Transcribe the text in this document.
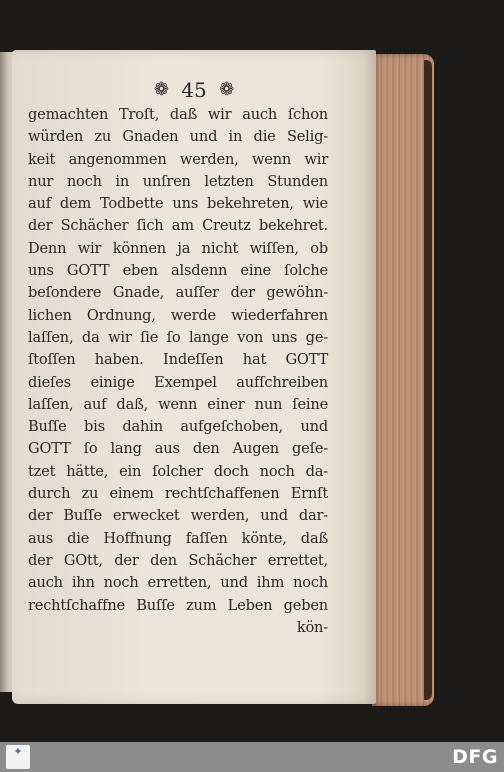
❁ 45 ❁
gemachten Troſt, daß wir auch ſchon
würden zu Gnaden und in die Selig-
keit angenommen werden, wenn wir
nur noch in unſren letzten Stunden
auf dem Todbette uns bekehreten, wie
der Schächer ſich am Creutz bekehret.
Denn wir können ja nicht wiſſen, ob
uns GOTT eben alsdenn eine ſolche
beſondere Gnade, auſſer der gewöhn-
lichen Ordnung, werde wiederfahren
laſſen, da wir ſie ſo lange von uns ge-
ſtoſſen haben. Indeſſen hat GOTT
dieſes einige Exempel aufſchreiben
laſſen, auf daß, wenn einer nun ſeine
Buſſe bis dahin aufgeſchoben, und
GOTT ſo lang aus den Augen geſe-
tzet hätte, ein ſolcher doch noch da-
durch zu einem rechtſchaffenen Ernſt
der Buſſe erwecket werden, und dar-
aus die Hoffnung faſſen könte, daß
der GOtt, der den Schächer errettet,
auch ihn noch erretten, und ihm noch
rechtſchaffne Buſſe zum Leben geben
kön-
✦
	DFG
